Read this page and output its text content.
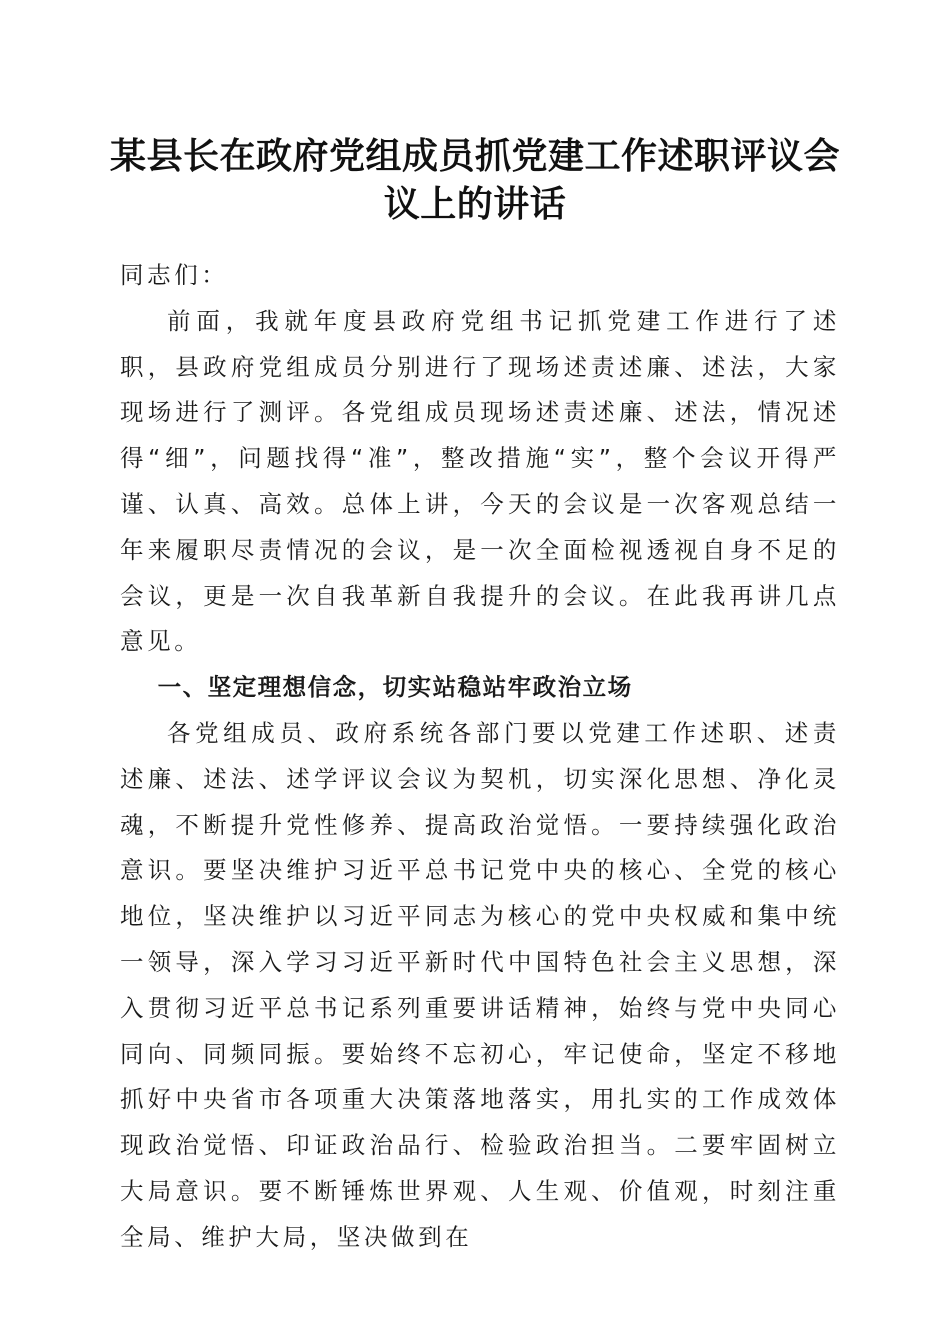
某县长在政府党组成员抓党建工作述职评议会议上的讲话

同志们：

前面，我就年度县政府党组书记抓党建工作进行了述职，县政府党组成员分别进行了现场述责述廉、述法，大家现场进行了测评。各党组成员现场述责述廉、述法，情况述得“细”，问题找得“准”，整改措施“实”，整个会议开得严谨、认真、高效。总体上讲，今天的会议是一次客观总结一年来履职尽责情况的会议，是一次全面检视透视自身不足的会议，更是一次自我革新自我提升的会议。在此我再讲几点意见。

一、坚定理想信念，切实站稳站牢政治立场

各党组成员、政府系统各部门要以党建工作述职、述责述廉、述法、述学评议会议为契机，切实深化思想、净化灵魂，不断提升党性修养、提高政治觉悟。一要持续强化政治意识。要坚决维护习近平总书记党中央的核心、全党的核心地位，坚决维护以习近平同志为核心的党中央权威和集中统一领导，深入学习习近平新时代中国特色社会主义思想，深入贯彻习近平总书记系列重要讲话精神，始终与党中央同心同向、同频同振。要始终不忘初心，牢记使命，坚定不移地抓好中央省市各项重大决策落地落实，用扎实的工作成效体现政治觉悟、印证政治品行、检验政治担当。二要牢固树立大局意识。要不断锤炼世界观、人生观、价值观，时刻注重全局、维护大局，坚决做到在
